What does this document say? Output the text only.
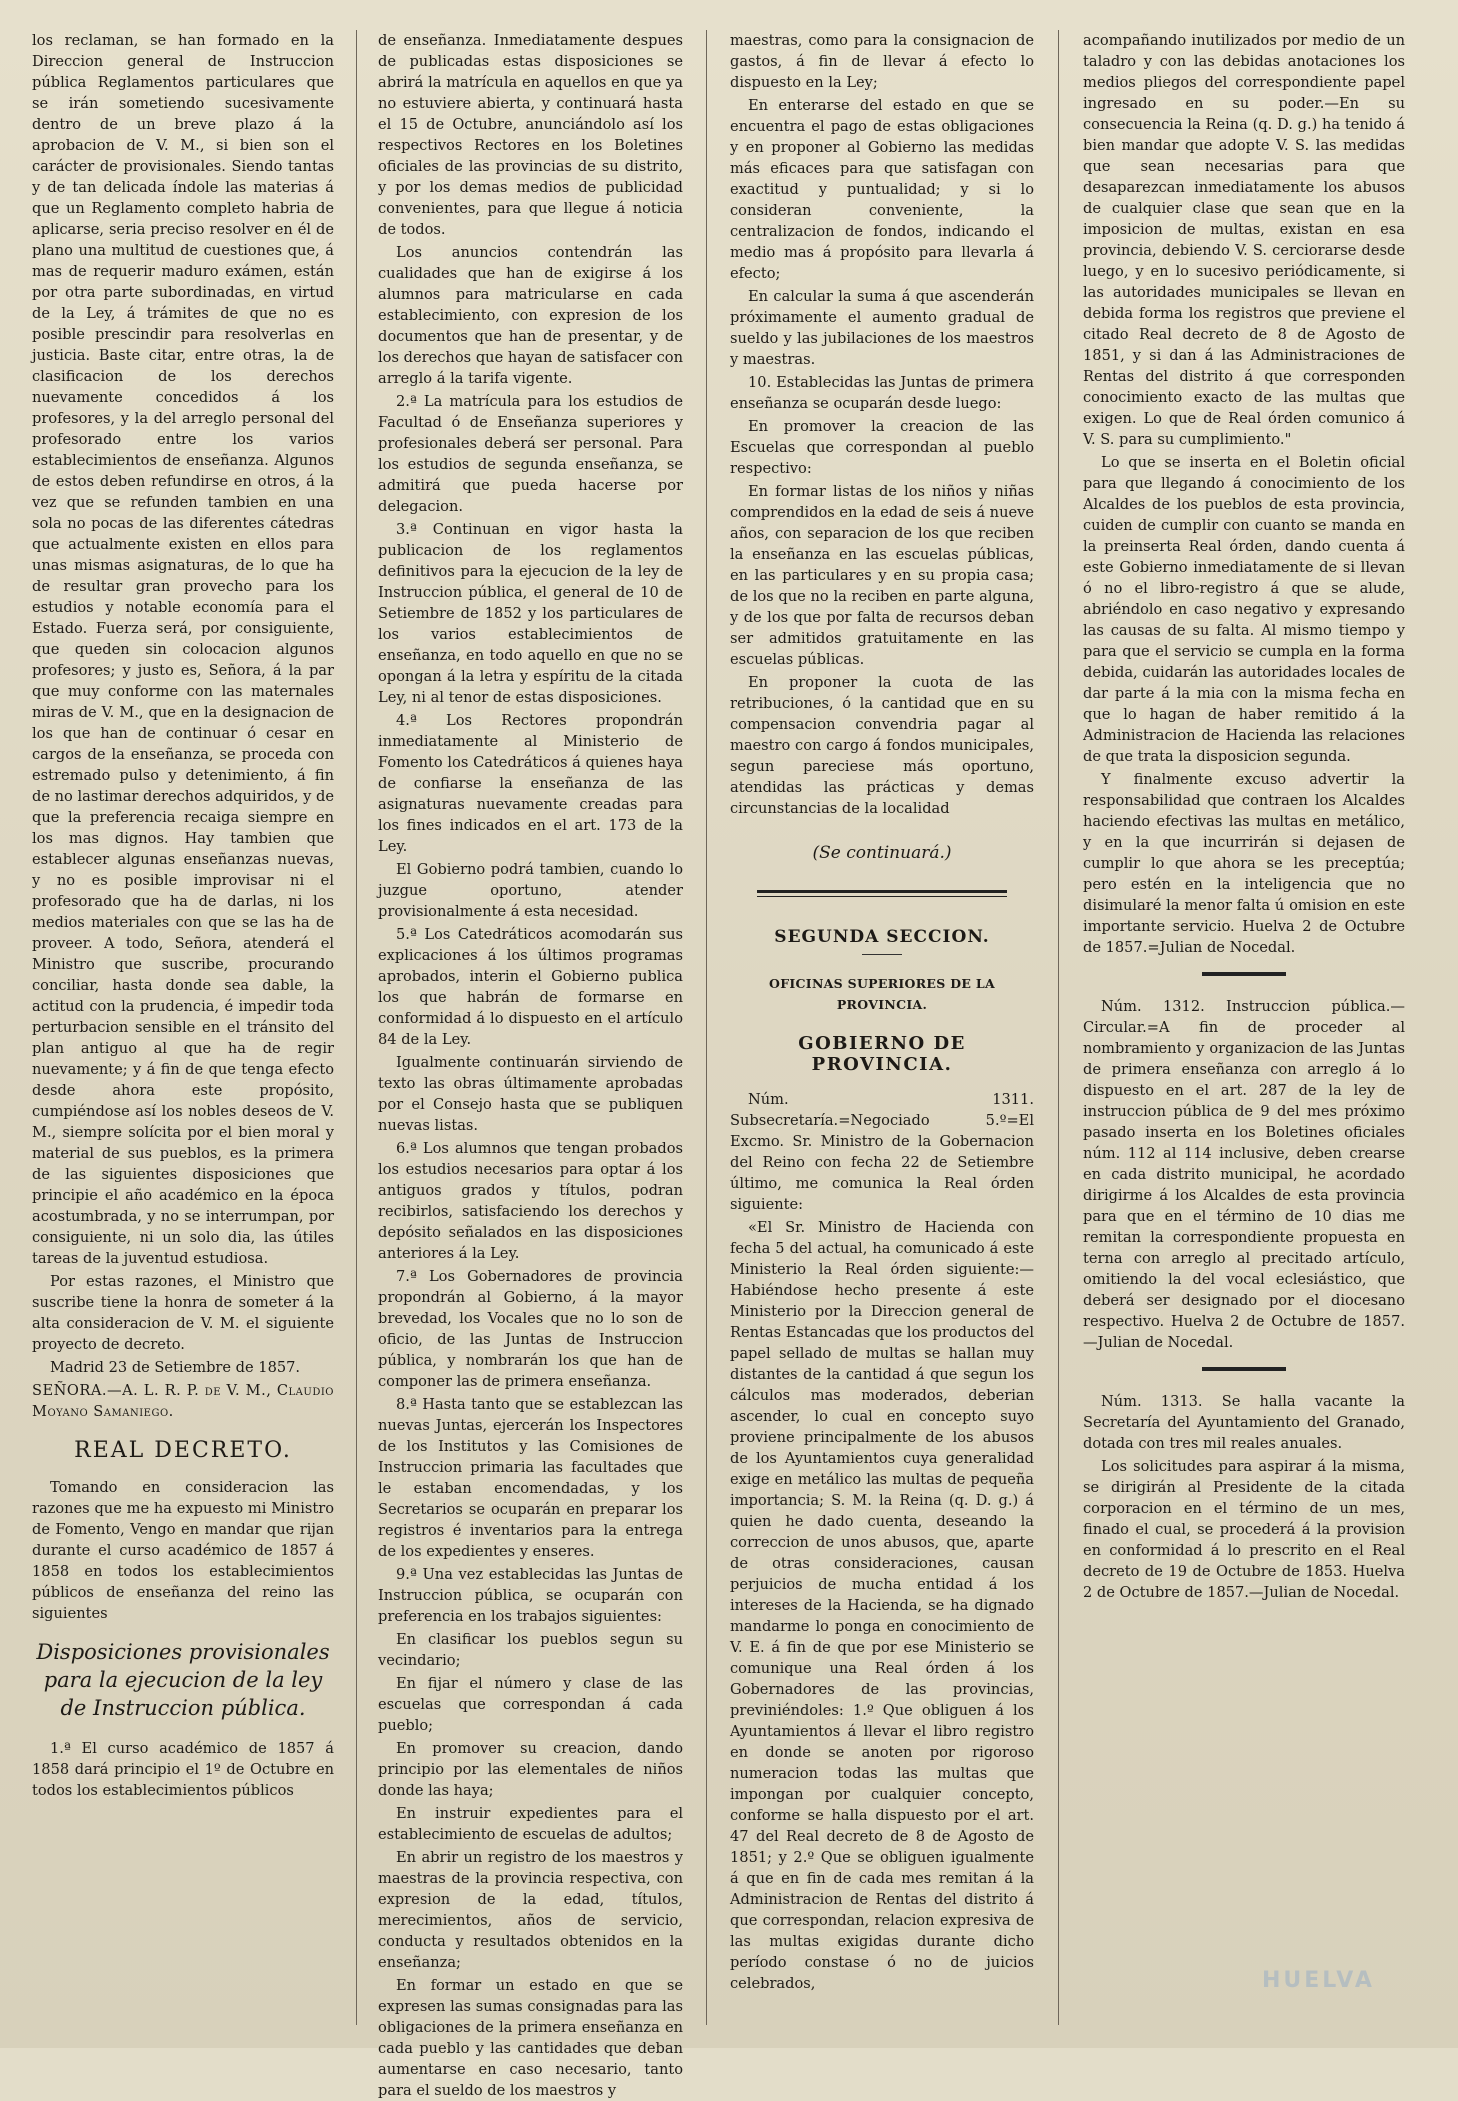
los reclaman, se han formado en la Direccion general de Instruccion pública Reglamentos particulares que se irán sometiendo sucesivamente dentro de un breve plazo á la aprobacion de V. M., si bien son el carácter de provisionales. Siendo tantas y de tan delicada índole las materias á que un Reglamento completo habria de aplicarse, seria preciso resolver en él de plano una multitud de cuestiones que, á mas de requerir maduro exámen, están por otra parte subordinadas, en virtud de la Ley, á trámites de que no es posible prescindir para resolverlas en justicia. Baste citar, entre otras, la de clasificacion de los derechos nuevamente concedidos á los profesores, y la del arreglo personal del profesorado entre los varios establecimientos de enseñanza. Algunos de estos deben refundirse en otros, á la vez que se refunden tambien en una sola no pocas de las diferentes cátedras que actualmente existen en ellos para unas mismas asignaturas, de lo que ha de resultar gran provecho para los estudios y notable economía para el Estado. Fuerza será, por consiguiente, que queden sin colocacion algunos profesores; y justo es, Señora, á la par que muy conforme con las maternales miras de V. M., que en la designacion de los que han de continuar ó cesar en cargos de la enseñanza, se proceda con estremado pulso y detenimiento, á fin de no lastimar derechos adquiridos, y de que la preferencia recaiga siempre en los mas dignos. Hay tambien que establecer algunas enseñanzas nuevas, y no es posible improvisar ni el profesorado que ha de darlas, ni los medios materiales con que se las ha de proveer. A todo, Señora, atenderá el Ministro que suscribe, procurando conciliar, hasta donde sea dable, la actitud con la prudencia, é impedir toda perturbacion sensible en el tránsito del plan antiguo al que ha de regir nuevamente; y á fin de que tenga efecto desde ahora este propósito, cumpiéndose así los nobles deseos de V. M., siempre solícita por el bien moral y material de sus pueblos, es la primera de las siguientes disposiciones que principie el año académico en la época acostumbrada, y no se interrumpan, por consiguiente, ni un solo dia, las útiles tareas de la juventud estudiosa.

Por estas razones, el Ministro que suscribe tiene la honra de someter á la alta consideracion de V. M. el siguiente proyecto de decreto.

Madrid 23 de Setiembre de 1857.

SEÑORA.—A. L. R. P. de V. M., Claudio Moyano Samaniego.

REAL DECRETO.

Tomando en consideracion las razones que me ha expuesto mi Ministro de Fomento, Vengo en mandar que rijan durante el curso académico de 1857 á 1858 en todos los establecimientos públicos de enseñanza del reino las siguientes

Disposiciones provisionales para la ejecucion de la ley de Instruccion pública.

1.ª El curso académico de 1857 á 1858 dará principio el 1º de Octubre en todos los establecimientos públicos

de enseñanza. Inmediatamente despues de publicadas estas disposiciones se abrirá la matrícula en aquellos en que ya no estuviere abierta, y continuará hasta el 15 de Octubre, anunciándolo así los respectivos Rectores en los Boletines oficiales de las provincias de su distrito, y por los demas medios de publicidad convenientes, para que llegue á noticia de todos.

Los anuncios contendrán las cualidades que han de exigirse á los alumnos para matricularse en cada establecimiento, con expresion de los documentos que han de presentar, y de los derechos que hayan de satisfacer con arreglo á la tarifa vigente.

2.ª La matrícula para los estudios de Facultad ó de Enseñanza superiores y profesionales deberá ser personal. Para los estudios de segunda enseñanza, se admitirá que pueda hacerse por delegacion.

3.ª Continuan en vigor hasta la publicacion de los reglamentos definitivos para la ejecucion de la ley de Instruccion pública, el general de 10 de Setiembre de 1852 y los particulares de los varios establecimientos de enseñanza, en todo aquello en que no se opongan á la letra y espíritu de la citada Ley, ni al tenor de estas disposiciones.

4.ª Los Rectores propondrán inmediatamente al Ministerio de Fomento los Catedráticos á quienes haya de confiarse la enseñanza de las asignaturas nuevamente creadas para los fines indicados en el art. 173 de la Ley.

El Gobierno podrá tambien, cuando lo juzgue oportuno, atender provisionalmente á esta necesidad.

5.ª Los Catedráticos acomodarán sus explicaciones á los últimos programas aprobados, interin el Gobierno publica los que habrán de formarse en conformidad á lo dispuesto en el artículo 84 de la Ley.

Igualmente continuarán sirviendo de texto las obras últimamente aprobadas por el Consejo hasta que se publiquen nuevas listas.

6.ª Los alumnos que tengan probados los estudios necesarios para optar á los antiguos grados y títulos, podran recibirlos, satisfaciendo los derechos y depósito señalados en las disposiciones anteriores á la Ley.

7.ª Los Gobernadores de provincia propondrán al Gobierno, á la mayor brevedad, los Vocales que no lo son de oficio, de las Juntas de Instruccion pública, y nombrarán los que han de componer las de primera enseñanza.

8.ª Hasta tanto que se establezcan las nuevas Juntas, ejercerán los Inspectores de los Institutos y las Comisiones de Instruccion primaria las facultades que le estaban encomendadas, y los Secretarios se ocuparán en preparar los registros é inventarios para la entrega de los expedientes y enseres.

9.ª Una vez establecidas las Juntas de Instruccion pública, se ocuparán con preferencia en los trabajos siguientes:

En clasificar los pueblos segun su vecindario;

En fijar el número y clase de las escuelas que correspondan á cada pueblo;

En promover su creacion, dando principio por las elementales de niños donde las haya;

En instruir expedientes para el establecimiento de escuelas de adultos;

En abrir un registro de los maestros y maestras de la provincia respectiva, con expresion de la edad, títulos, merecimientos, años de servicio, conducta y resultados obtenidos en la enseñanza;

En formar un estado en que se expresen las sumas consignadas para las obligaciones de la primera enseñanza en cada pueblo y las cantidades que deban aumentarse en caso necesario, tanto para el sueldo de los maestros y

maestras, como para la consignacion de gastos, á fin de llevar á efecto lo dispuesto en la Ley;

En enterarse del estado en que se encuentra el pago de estas obligaciones y en proponer al Gobierno las medidas más eficaces para que satisfagan con exactitud y puntualidad; y si lo consideran conveniente, la centralizacion de fondos, indicando el medio mas á propósito para llevarla á efecto;

En calcular la suma á que ascenderán próximamente el aumento gradual de sueldo y las jubilaciones de los maestros y maestras.

10. Establecidas las Juntas de primera enseñanza se ocuparán desde luego:

En promover la creacion de las Escuelas que correspondan al pueblo respectivo:

En formar listas de los niños y niñas comprendidos en la edad de seis á nueve años, con separacion de los que reciben la enseñanza en las escuelas públicas, en las particulares y en su propia casa; de los que no la reciben en parte alguna, y de los que por falta de recursos deban ser admitidos gratuitamente en las escuelas públicas.

En proponer la cuota de las retribuciones, ó la cantidad que en su compensacion convendria pagar al maestro con cargo á fondos municipales, segun pareciese más oportuno, atendidas las prácticas y demas circunstancias de la localidad

(Se continuará.)
SEGUNDA SECCION.
OFICINAS SUPERIORES DE LA PROVINCIA.
GOBIERNO DE PROVINCIA.

Núm. 1311. Subsecretaría.=Negociado 5.º=El Excmo. Sr. Ministro de la Gobernacion del Reino con fecha 22 de Setiembre último, me comunica la Real órden siguiente:

«El Sr. Ministro de Hacienda con fecha 5 del actual, ha comunicado á este Ministerio la Real órden siguiente:—Habiéndose hecho presente á este Ministerio por la Direccion general de Rentas Estancadas que los productos del papel sellado de multas se hallan muy distantes de la cantidad á que segun los cálculos mas moderados, deberian ascender, lo cual en concepto suyo proviene principalmente de los abusos de los Ayuntamientos cuya generalidad exige en metálico las multas de pequeña importancia; S. M. la Reina (q. D. g.) á quien he dado cuenta, deseando la correccion de unos abusos, que, aparte de otras consideraciones, causan perjuicios de mucha entidad á los intereses de la Hacienda, se ha dignado mandarme lo ponga en conocimiento de V. E. á fin de que por ese Ministerio se comunique una Real órden á los Gobernadores de las provincias, previniéndoles: 1.º Que obliguen á los Ayuntamientos á llevar el libro registro en donde se anoten por rigoroso numeracion todas las multas que impongan por cualquier concepto, conforme se halla dispuesto por el art. 47 del Real decreto de 8 de Agosto de 1851; y 2.º Que se obliguen igualmente á que en fin de cada mes remitan á la Administracion de Rentas del distrito á que correspondan, relacion expresiva de las multas exigidas durante dicho período constase ó no de juicios celebrados,

acompañando inutilizados por medio de un taladro y con las debidas anotaciones los medios pliegos del correspondiente papel ingresado en su poder.—En su consecuencia la Reina (q. D. g.) ha tenido á bien mandar que adopte V. S. las medidas que sean necesarias para que desaparezcan inmediatamente los abusos de cualquier clase que sean que en la imposicion de multas, existan en esa provincia, debiendo V. S. cerciorarse desde luego, y en lo sucesivo periódicamente, si las autoridades municipales se llevan en debida forma los registros que previene el citado Real decreto de 8 de Agosto de 1851, y si dan á las Administraciones de Rentas del distrito á que corresponden conocimiento exacto de las multas que exigen. Lo que de Real órden comunico á V. S. para su cumplimiento."

Lo que se inserta en el Boletin oficial para que llegando á conocimiento de los Alcaldes de los pueblos de esta provincia, cuiden de cumplir con cuanto se manda en la preinserta Real órden, dando cuenta á este Gobierno inmediatamente de si llevan ó no el libro-registro á que se alude, abriéndolo en caso negativo y expresando las causas de su falta. Al mismo tiempo y para que el servicio se cumpla en la forma debida, cuidarán las autoridades locales de dar parte á la mia con la misma fecha en que lo hagan de haber remitido á la Administracion de Hacienda las relaciones de que trata la disposicion segunda.

Y finalmente excuso advertir la responsabilidad que contraen los Alcaldes haciendo efectivas las multas en metálico, y en la que incurrirán si dejasen de cumplir lo que ahora se les preceptúa; pero estén en la inteligencia que no disimularé la menor falta ú omision en este importante servicio. Huelva 2 de Octubre de 1857.=Julian de Nocedal.

Núm. 1312. Instruccion pública.—Circular.=A fin de proceder al nombramiento y organizacion de las Juntas de primera enseñanza con arreglo á lo dispuesto en el art. 287 de la ley de instruccion pública de 9 del mes próximo pasado inserta en los Boletines oficiales núm. 112 al 114 inclusive, deben crearse en cada distrito municipal, he acordado dirigirme á los Alcaldes de esta provincia para que en el término de 10 dias me remitan la correspondiente propuesta en terna con arreglo al precitado artículo, omitiendo la del vocal eclesiástico, que deberá ser designado por el diocesano respectivo. Huelva 2 de Octubre de 1857.—Julian de Nocedal.

Núm. 1313. Se halla vacante la Secretaría del Ayuntamiento del Granado, dotada con tres mil reales anuales.

Los solicitudes para aspirar á la misma, se dirigirán al Presidente de la citada corporacion en el término de un mes, finado el cual, se procederá á la provision en conformidad á lo prescrito en el Real decreto de 19 de Octubre de 1853. Huelva 2 de Octubre de 1857.—Julian de Nocedal.

HUELVA
